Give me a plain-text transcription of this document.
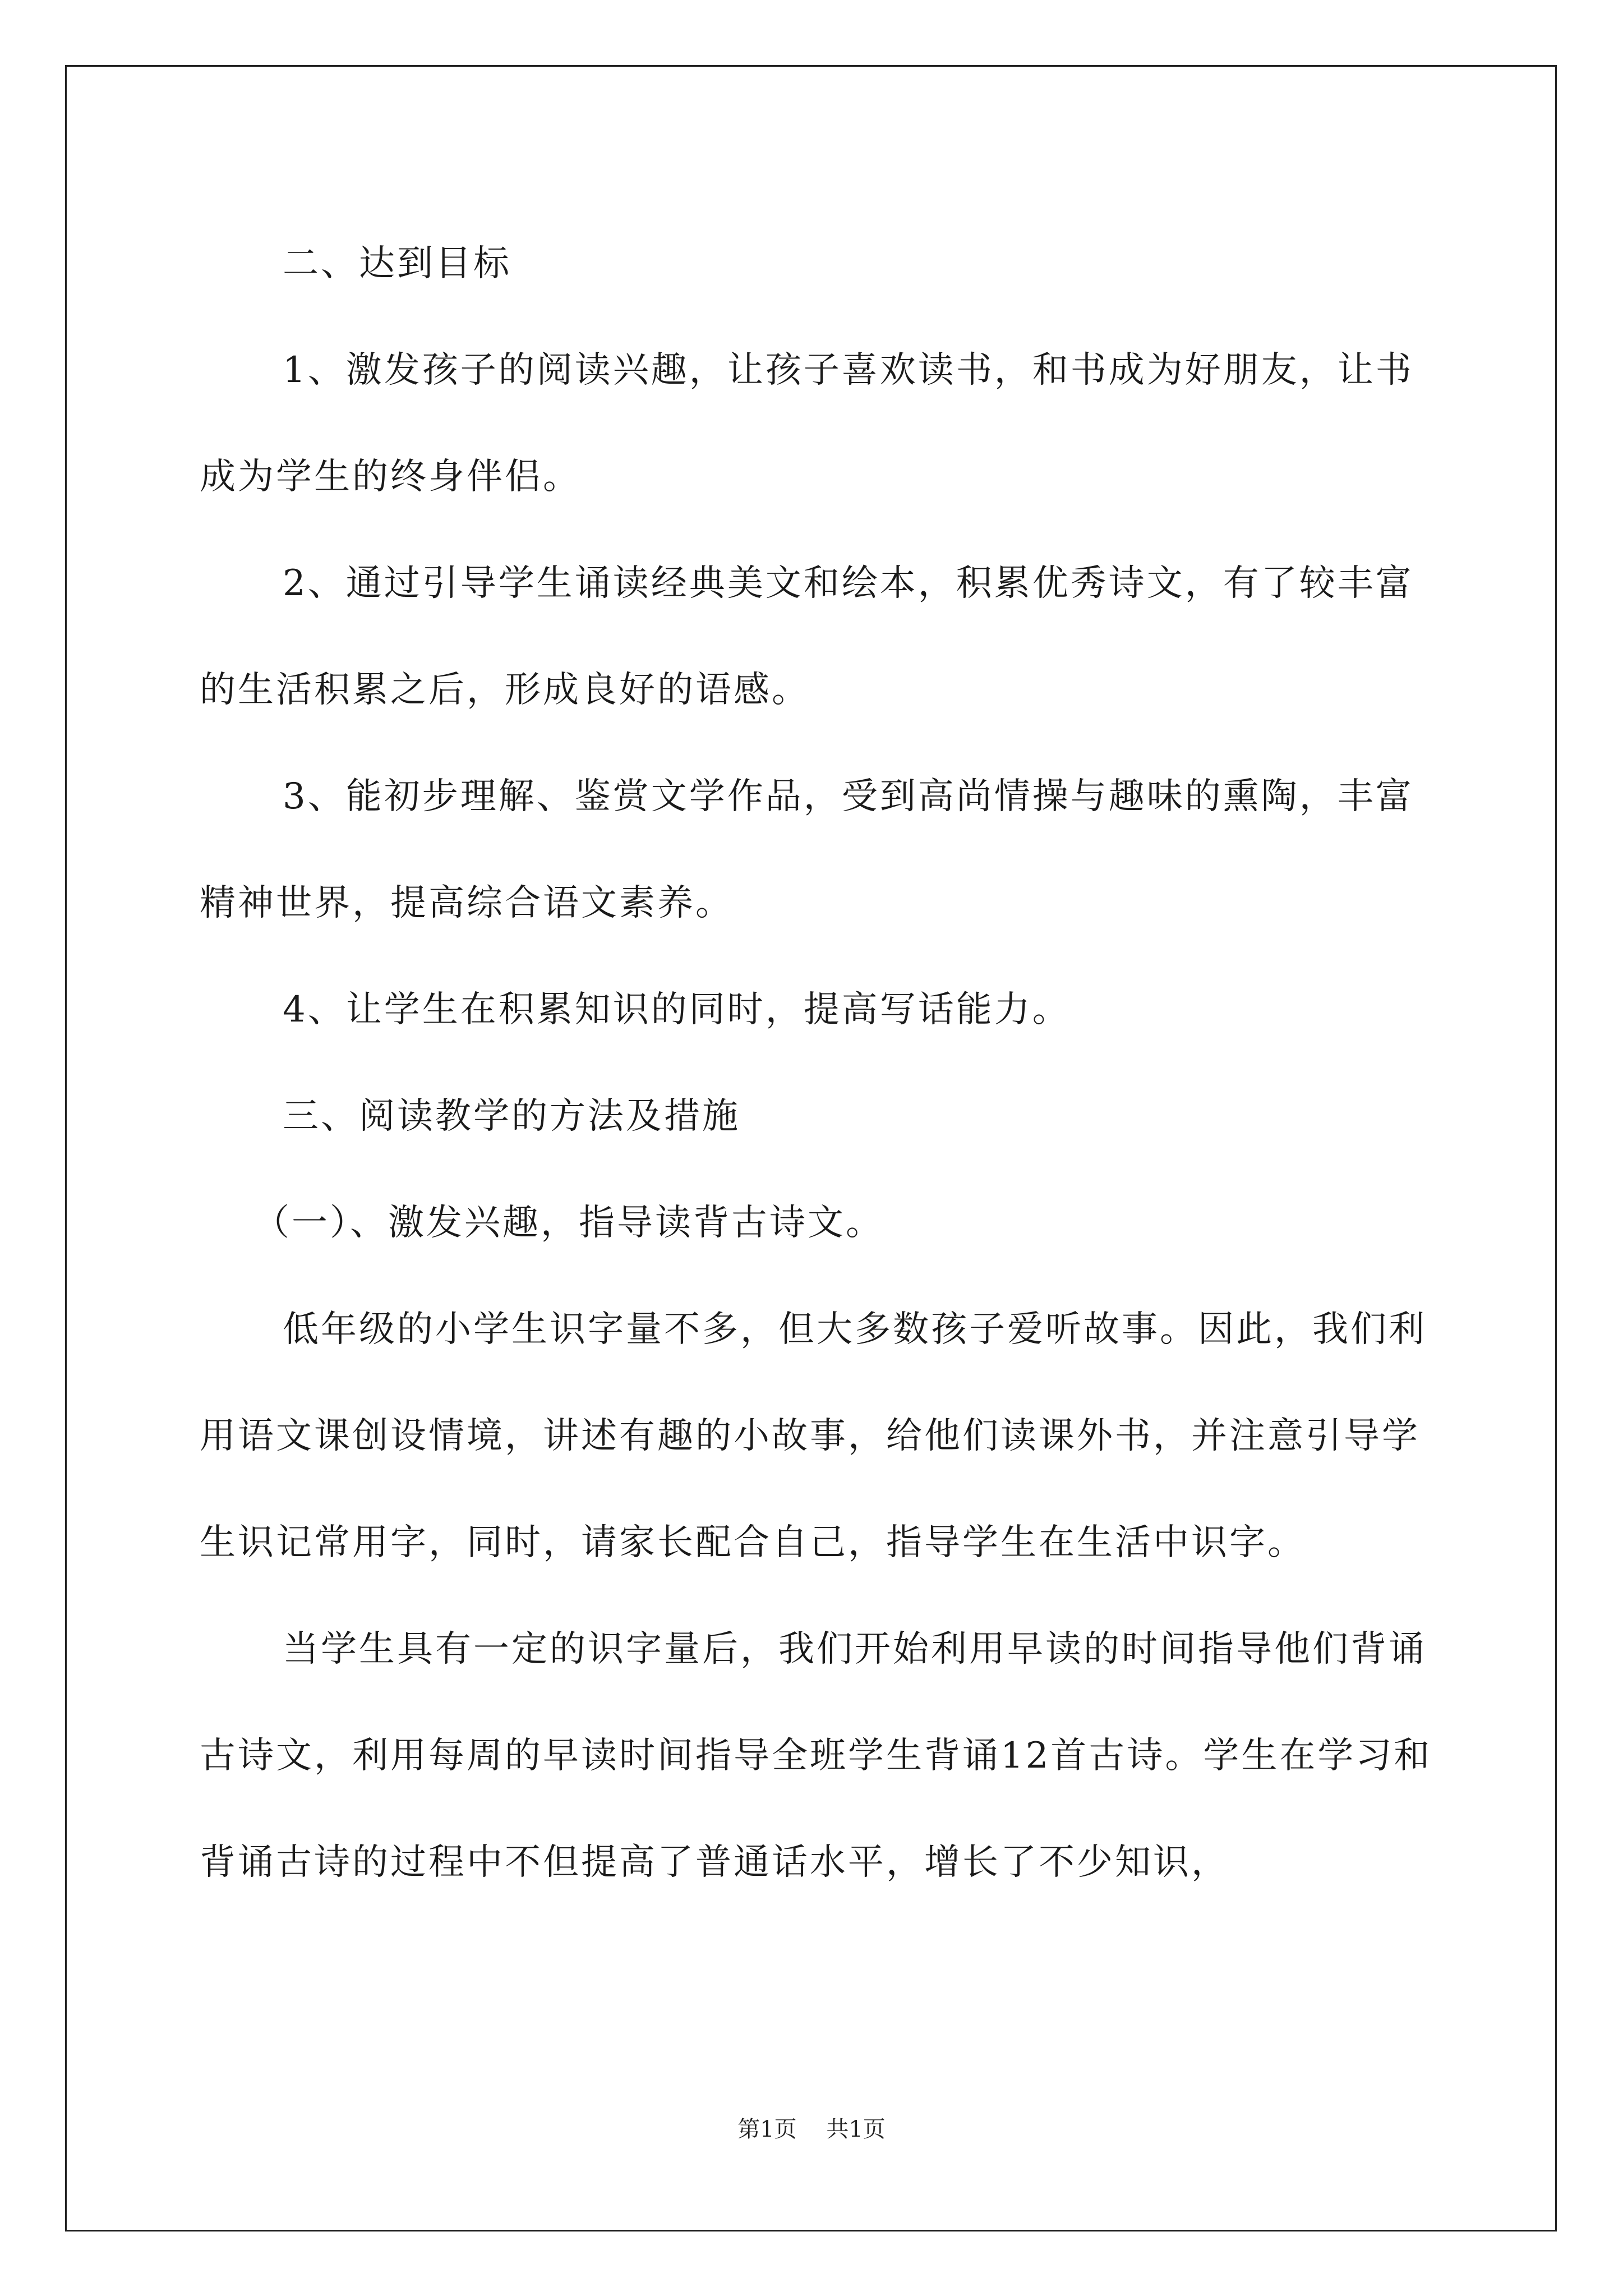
二、达到目标

1、激发孩子的阅读兴趣，让孩子喜欢读书，和书成为好朋友，让书成为学生的终身伴侣。

2、通过引导学生诵读经典美文和绘本，积累优秀诗文，有了较丰富的生活积累之后，形成良好的语感。

3、能初步理解、鉴赏文学作品，受到高尚情操与趣味的熏陶，丰富精神世界，提高综合语文素养。

4、让学生在积累知识的同时，提高写话能力。

三、阅读教学的方法及措施

（一）、激发兴趣，指导读背古诗文。

低年级的小学生识字量不多，但大多数孩子爱听故事。因此，我们利用语文课创设情境，讲述有趣的小故事，给他们读课外书，并注意引导学生识记常用字，同时，请家长配合自己，指导学生在生活中识字。

当学生具有一定的识字量后，我们开始利用早读的时间指导他们背诵古诗文，利用每周的早读时间指导全班学生背诵12首古诗。学生在学习和背诵古诗的过程中不但提高了普通话水平，增长了不少知识，

第1页 共1页
